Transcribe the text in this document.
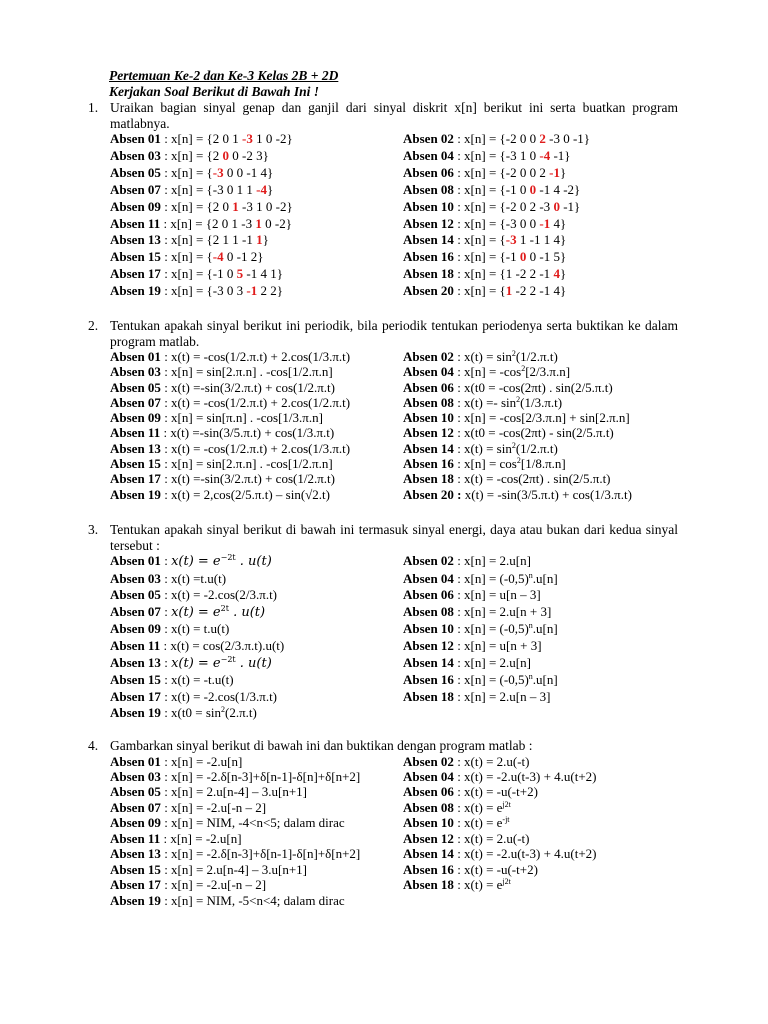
Pertemuan Ke-2 dan Ke-3 Kelas 2B + 2D
Kerjakan Soal Berikut di Bawah Ini !
1. Uraikan bagian sinyal genap dan ganjil dari sinyal diskrit x[n] berikut ini serta buatkan program matlabnya.
Absen 01 : x[n] = {2 0 1 -3 1 0 -2}	Absen 02 : x[n] = {-2 0 0 2 -3 0 -1}
Absen 03 : x[n] = {2 0 0 -2 3}	Absen 04 : x[n] = {-3 1 0 -4 -1}
Absen 05 : x[n] = {-3 0 0 -1 4}	Absen 06 : x[n] = {-2 0 0 2 -1}
Absen 07 : x[n] = {-3 0 1 1 -4}	Absen 08 : x[n] = {-1 0 0 -1 4 -2}
Absen 09 : x[n] = {2 0 1 -3 1 0 -2}	Absen 10 : x[n] = {-2 0 2 -3 0 -1}
Absen 11 : x[n] = {2 0 1 -3 1 0 -2}	Absen 12 : x[n] = {-3 0 0 -1 4}
Absen 13 : x[n] = {2 1 1 -1 1}	Absen 14 : x[n] = {-3 1 -1 1 4}
Absen 15 : x[n] = {-4 0 -1 2}	Absen 16 : x[n] = {-1 0 0 -1 5}
Absen 17 : x[n] = {-1 0 5 -1 4 1}	Absen 18 : x[n] = {1 -2 2 -1 4}
Absen 19 : x[n] = {-3 0 3 -1 2 2}	Absen 20 : x[n] = {1 -2 2 -1 4}
2. Tentukan apakah sinyal berikut ini periodik, bila periodik tentukan periodenya serta buktikan ke dalam program matlab.
Absen 01 : x(t) = -cos(1/2.π.t) + 2.cos(1/3.π.t)	Absen 02 : $x(t) = \sin^2(1/2.\pi.t)$
Absen 03 : x[n] = sin[2.π.n] . -cos[1/2.π.n]	Absen 04 : $x[n] = -\cos^2[2/3.\pi.n]$
Absen 05 : x(t) =-sin(3/2.π.t) + cos(1/2.π.t)	Absen 06 : x(t0 = -cos(2πt) . sin(2/5.π.t)
Absen 07 : x(t) = -cos(1/2.π.t) + 2.cos(1/2.π.t)	Absen 08 : $x(t) =- \sin^2(1/3.\pi.t)$
Absen 09 : x[n] = sin[π.n] . -cos[1/3.π.n]	Absen 10 : x[n] = -cos[2/3.π.n] + sin[2.π.n]
Absen 11 : x(t) =-sin(3/5.π.t) + cos(1/3.π.t)	Absen 12 : x(t0 = -cos(2πt) - sin(2/5.π.t)
Absen 13 : x(t) = -cos(1/2.π.t) + 2.cos(1/3.π.t)	Absen 14 : $x(t) = \sin^2(1/2.\pi.t)$
Absen 15 : x[n] = sin[2.π.n] . -cos[1/2.π.n]	Absen 16 : $x[n] = \cos^2[1/8.\pi.n]$
Absen 17 : x(t) =-sin(3/2.π.t) + cos(1/2.π.t)	Absen 18 : x(t) = -cos(2πt) . sin(2/5.π.t)
Absen 19 : x(t) = 2,cos(2/5.π.t) – sin(√2.t)	Absen 20 : x(t) = -sin(3/5.π.t) + cos(1/3.π.t)
3. Tentukan apakah sinyal berikut di bawah ini termasuk sinyal energi, daya atau bukan dari kedua sinyal tersebut :
Absen 01 : $x(t) = e^{-2t}$ . u(t)	Absen 02 : x[n] = 2.u[n]
Absen 03 : x(t) =t.u(t)	Absen 04 : $x[n] = (-0,5)^n.u[n]$
Absen 05 : x(t) = -2.cos(2/3.π.t)	Absen 06 : x[n] = u[n – 3]
Absen 07 : $x(t) = e^{2t}$ . u(t)	Absen 08 : x[n] = 2.u[n + 3]
Absen 09 : x(t) = t.u(t)	Absen 10 : $x[n] = (-0,5)^n.u[n]$
Absen 11 : x(t) = cos(2/3.π.t).u(t)	Absen 12 : x[n] = u[n + 3]
Absen 13 : $x(t) = e^{-2t}$ . u(t)	Absen 14 : x[n] = 2.u[n]
Absen 15 : x(t) = -t.u(t)	Absen 16 : $x[n] = (-0,5)^n.u[n]$
Absen 17 : x(t) = -2.cos(1/3.π.t)	Absen 18 : x[n] = 2.u[n – 3]
Absen 19 : $x(t0 = \sin^2(2.\pi.t)$
4. Gambarkan sinyal berikut di bawah ini dan buktikan dengan program matlab :
Absen 01 : x[n] = -2.u[n]	Absen 02 : x(t) = 2.u(-t)
Absen 03 : x[n] = -2.δ[n-3]+δ[n-1]-δ[n]+δ[n+2]	Absen 04 : x(t) = -2.u(t-3) + 4.u(t+2)
Absen 05 : x[n] = 2.u[n-4] – 3.u[n+1]	Absen 06 : x(t) = -u(-t+2)
Absen 07 : x[n] = -2.u[-n – 2]	Absen 08 : $x(t) = e^{j2t}$
Absen 09 : x[n] = NIM, -4<n<5; dalam dirac	Absen 10 : $x(t) = e^{-jt}$
Absen 11 : x[n] = -2.u[n]	Absen 12 : x(t) = 2.u(-t)
Absen 13 : x[n] = -2.δ[n-3]+δ[n-1]-δ[n]+δ[n+2]	Absen 14 : x(t) = -2.u(t-3) + 4.u(t+2)
Absen 15 : x[n] = 2.u[n-4] – 3.u[n+1]	Absen 16 : x(t) = -u(-t+2)
Absen 17 : x[n] = -2.u[-n – 2]	Absen 18 : $x(t) = e^{j2t}$
Absen 19 : x[n] = NIM, -5<n<4; dalam dirac
